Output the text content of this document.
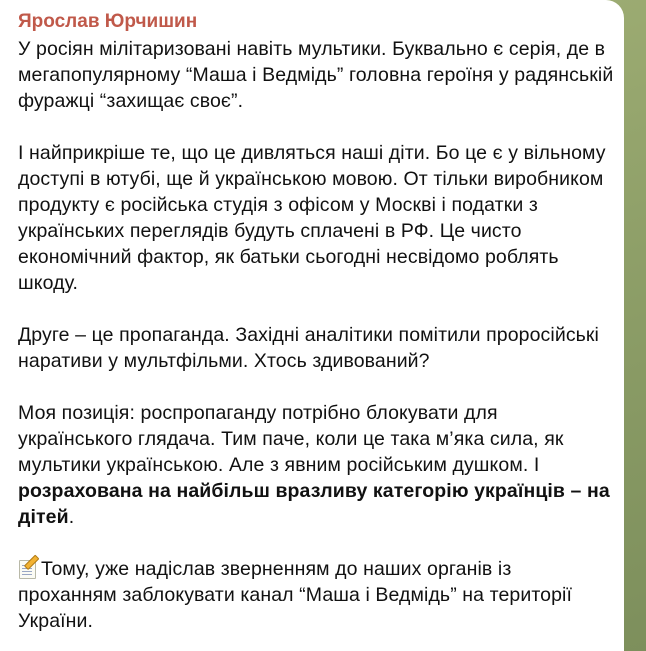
Ярослав Юрчишин

У росіян мілітаризовані навіть мультики. Буквально є серія, де в
мегапопулярному “Маша і Ведмідь” головна героїня у радянській
фуражці “захищає своє”.

І найприкріше те, що це дивляться наші діти. Бо це є у вільному
доступі в ютубі, ще й українською мовою. От тільки виробником
продукту є російська студія з офісом у Москві і податки з
українських переглядів будуть сплачені в РФ. Це чисто
економічний фактор, як батьки сьогодні несвідомо роблять
шкоду.

Друге – це пропаганда. Західні аналітики помітили проросійські
наративи у мультфільми. Хтось здивований?

Моя позиція: роспропаганду потрібно блокувати для
українського глядача. Тим паче, коли це така м’яка сила, як
мультики українською. Але з явним російським душком. І
розрахована на найбільш вразливу категорію українців – на
дітей.

Тому, уже надіслав зверненням до наших органів із
проханням заблокувати канал “Маша і Ведмідь” на території
України.
